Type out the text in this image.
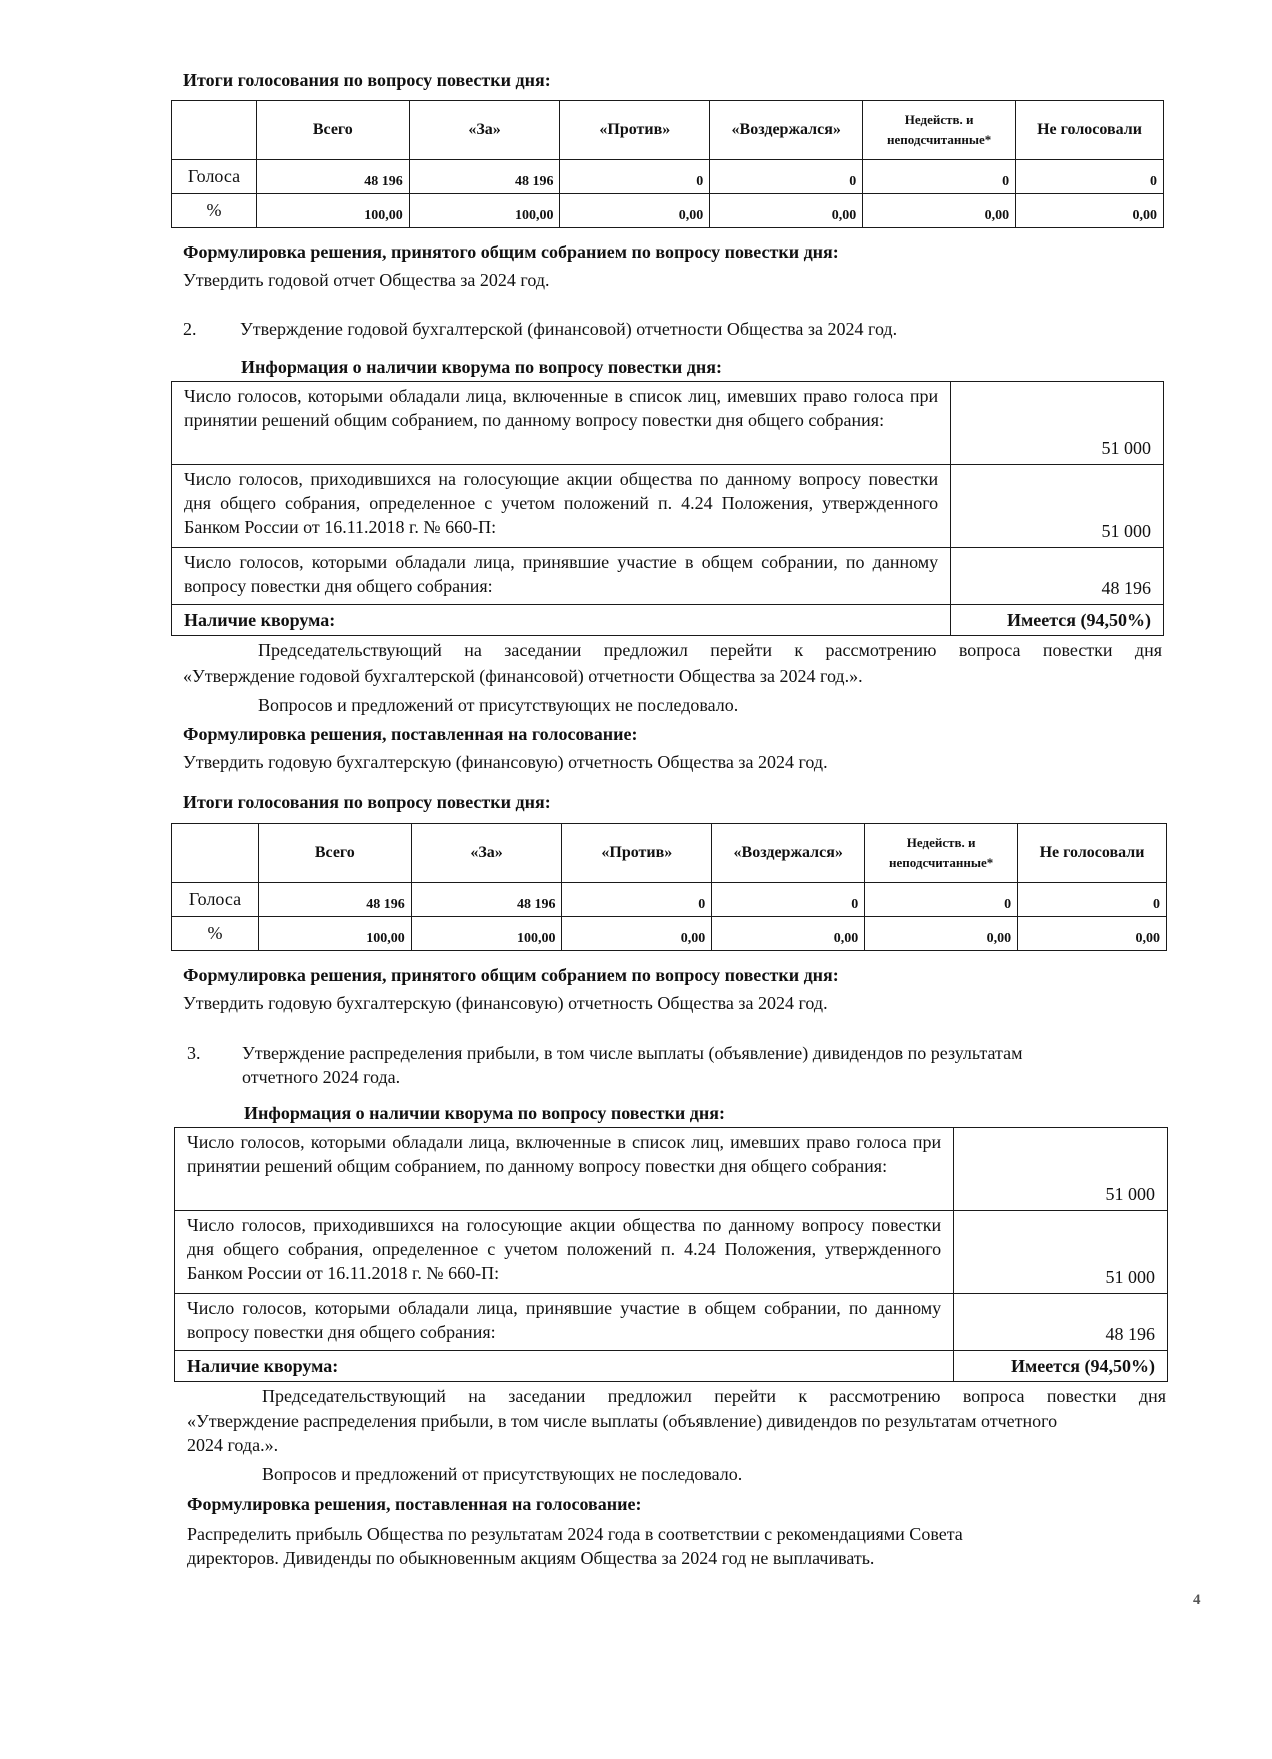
Итоги голосования по вопросу повестки дня:
	Всего	«За»	«Против»	«Воздержался»	Недейств. и неподсчитанные*	Не голосовали
Голоса	48 196	48 196	0	0	0	0
%	100,00	100,00	0,00	0,00	0,00	0,00
Формулировка решения, принятого общим собранием по вопросу повестки дня:
Утвердить годовой отчет Общества за 2024 год.
2. Утверждение годовой бухгалтерской (финансовой) отчетности Общества за 2024 год.
Информация о наличии кворума по вопросу повестки дня:
Число голосов, которыми обладали лица, включенные в список лиц, имевших право голоса при принятии решений общим собранием, по данному вопросу повестки дня общего собрания:	51 000
Число голосов, приходившихся на голосующие акции общества по данному вопросу повестки дня общего собрания, определенное с учетом положений п. 4.24 Положения, утвержденного Банком России от 16.11.2018 г. № 660-П:	51 000
Число голосов, которыми обладали лица, принявшие участие в общем собрании, по данному вопросу повестки дня общего собрания:	48 196
Наличие кворума:	Имеется (94,50%)
Председательствующий на заседании предложил перейти к рассмотрению вопроса повестки дня
«Утверждение годовой бухгалтерской (финансовой) отчетности Общества за 2024 год.».
Вопросов и предложений от присутствующих не последовало.
Формулировка решения, поставленная на голосование:
Утвердить годовую бухгалтерскую (финансовую) отчетность Общества за 2024 год.
Итоги голосования по вопросу повестки дня:
	Всего	«За»	«Против»	«Воздержался»	Недейств. и неподсчитанные*	Не голосовали
Голоса	48 196	48 196	0	0	0	0
%	100,00	100,00	0,00	0,00	0,00	0,00
Формулировка решения, принятого общим собранием по вопросу повестки дня:
Утвердить годовую бухгалтерскую (финансовую) отчетность Общества за 2024 год.
3. Утверждение распределения прибыли, в том числе выплаты (объявление) дивидендов по результатам
отчетного 2024 года.
Информация о наличии кворума по вопросу повестки дня:
Число голосов, которыми обладали лица, включенные в список лиц, имевших право голоса при принятии решений общим собранием, по данному вопросу повестки дня общего собрания:	51 000
Число голосов, приходившихся на голосующие акции общества по данному вопросу повестки дня общего собрания, определенное с учетом положений п. 4.24 Положения, утвержденного Банком России от 16.11.2018 г. № 660-П:	51 000
Число голосов, которыми обладали лица, принявшие участие в общем собрании, по данному вопросу повестки дня общего собрания:	48 196
Наличие кворума:	Имеется (94,50%)
Председательствующий на заседании предложил перейти к рассмотрению вопроса повестки дня
«Утверждение распределения прибыли, в том числе выплаты (объявление) дивидендов по результатам отчетного
2024 года.».
Вопросов и предложений от присутствующих не последовало.
Формулировка решения, поставленная на голосование:
Распределить прибыль Общества по результатам 2024 года в соответствии с рекомендациями Совета
директоров. Дивиденды по обыкновенным акциям Общества за 2024 год не выплачивать.
4
